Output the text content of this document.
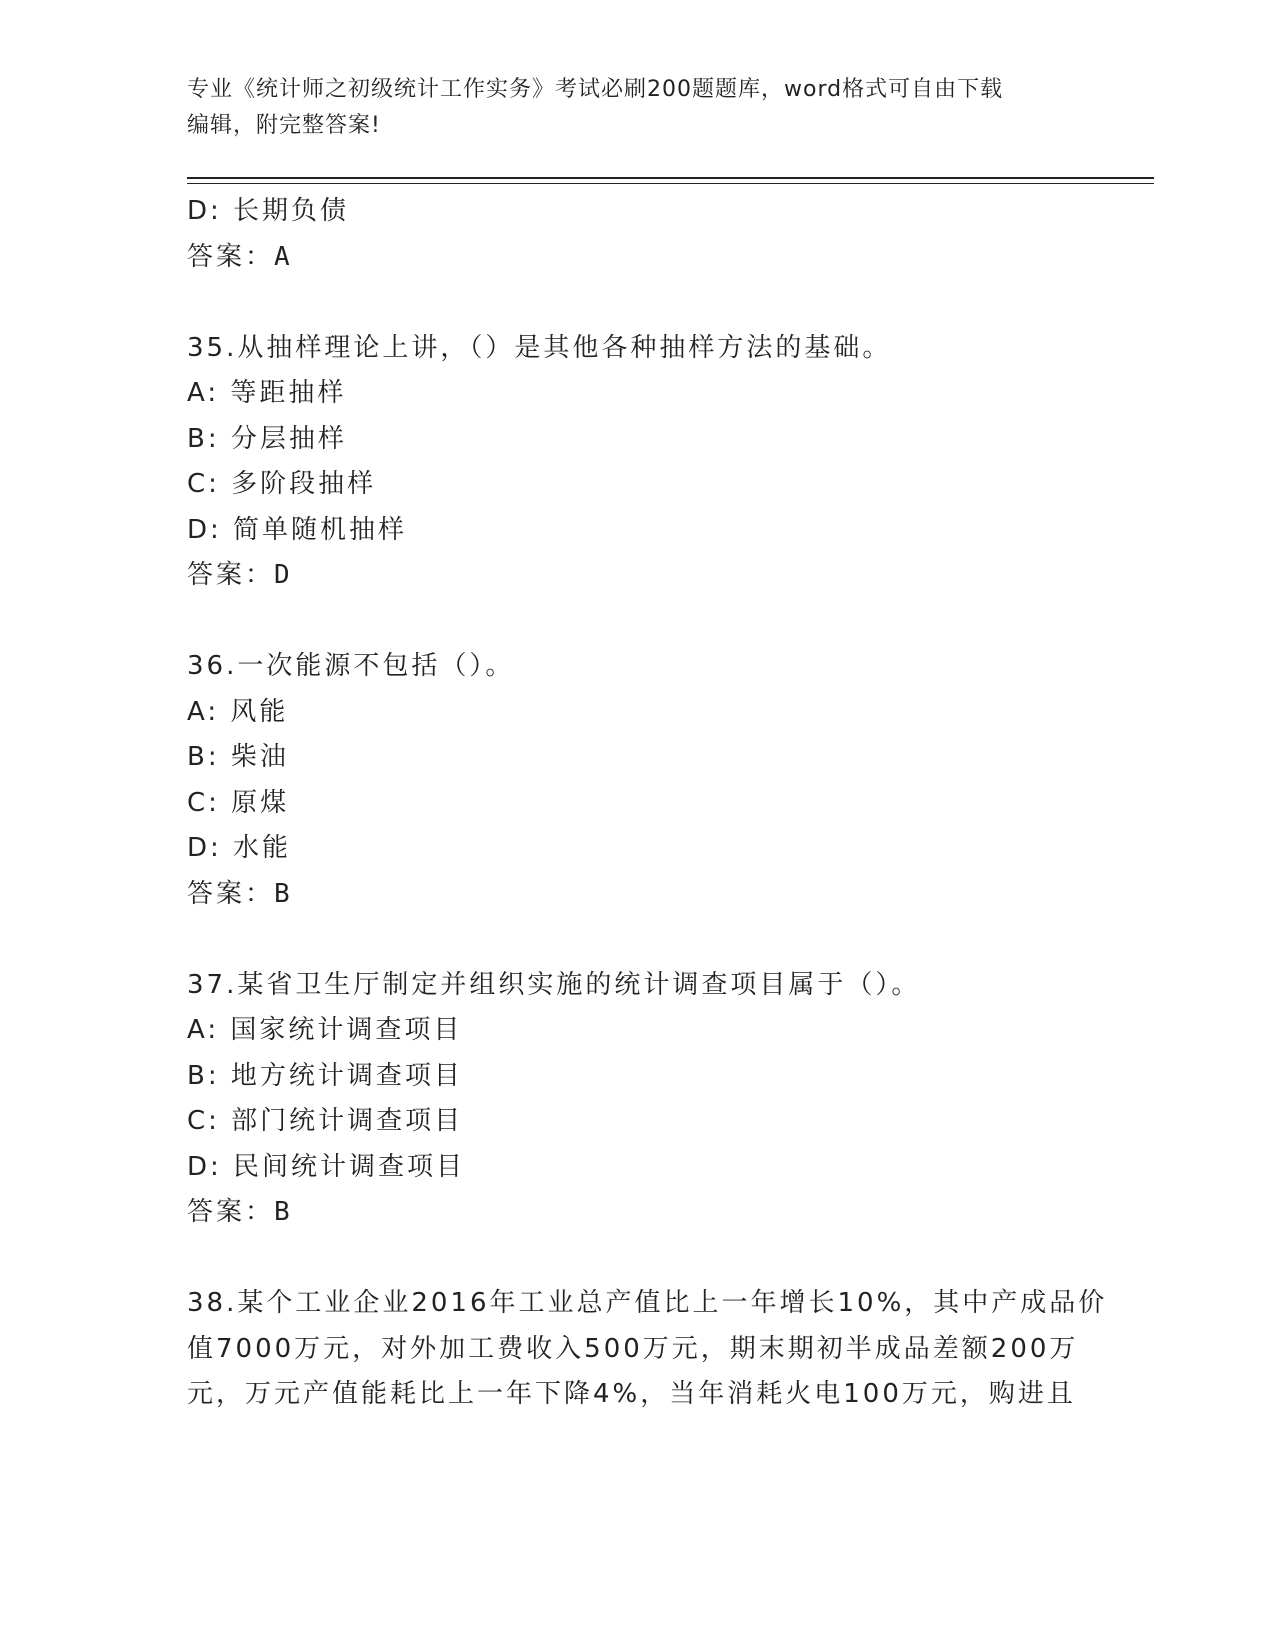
专业《统计师之初级统计工作实务》考试必刷200题题库，word格式可自由下载
编辑，附完整答案!
D: 长期负债
答案：A
35.从抽样理论上讲，（）是其他各种抽样方法的基础。
A: 等距抽样
B: 分层抽样
C: 多阶段抽样
D: 简单随机抽样
答案：D
36.一次能源不包括（）。
A: 风能
B: 柴油
C: 原煤
D: 水能
答案：B
37.某省卫生厅制定并组织实施的统计调查项目属于（）。
A: 国家统计调查项目
B: 地方统计调查项目
C: 部门统计调查项目
D: 民间统计调查项目
答案：B
38.某个工业企业2016年工业总产值比上一年增长10%，其中产成品价
值7000万元，对外加工费收入500万元，期末期初半成品差额200万
元，万元产值能耗比上一年下降4%，当年消耗火电100万元，购进且
